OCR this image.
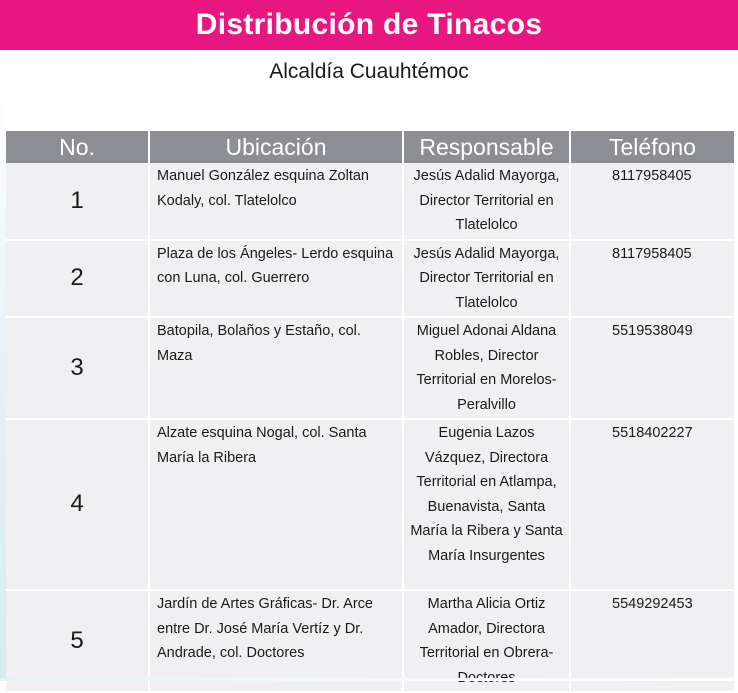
Distribución de Tinacos
Alcaldía Cuauhtémoc
No.	Ubicación	Responsable	Teléfono
1	Manuel González esquina Zoltan Kodaly, col. Tlatelolco	Jesús Adalid Mayorga, Director Territorial en Tlatelolco	8117958405
2	Plaza de los Ángeles- Lerdo esquina con Luna, col. Guerrero	Jesús Adalid Mayorga, Director Territorial en Tlatelolco	8117958405
3	Batopila, Bolaños y Estaño, col. Maza	Miguel Adonai Aldana Robles, Director Territorial en Morelos-Peralvillo	5519538049
4	Alzate esquina Nogal, col. Santa María la Ribera	Eugenia Lazos Vázquez, Directora Territorial en Atlampa, Buenavista, Santa María la Ribera y Santa María Insurgentes	5518402227
5	Jardín de Artes Gráficas- Dr. Arce entre Dr. José María Vertíz y Dr. Andrade, col. Doctores	Martha Alicia Ortiz Amador, Directora Territorial en Obrera-	5549292453
